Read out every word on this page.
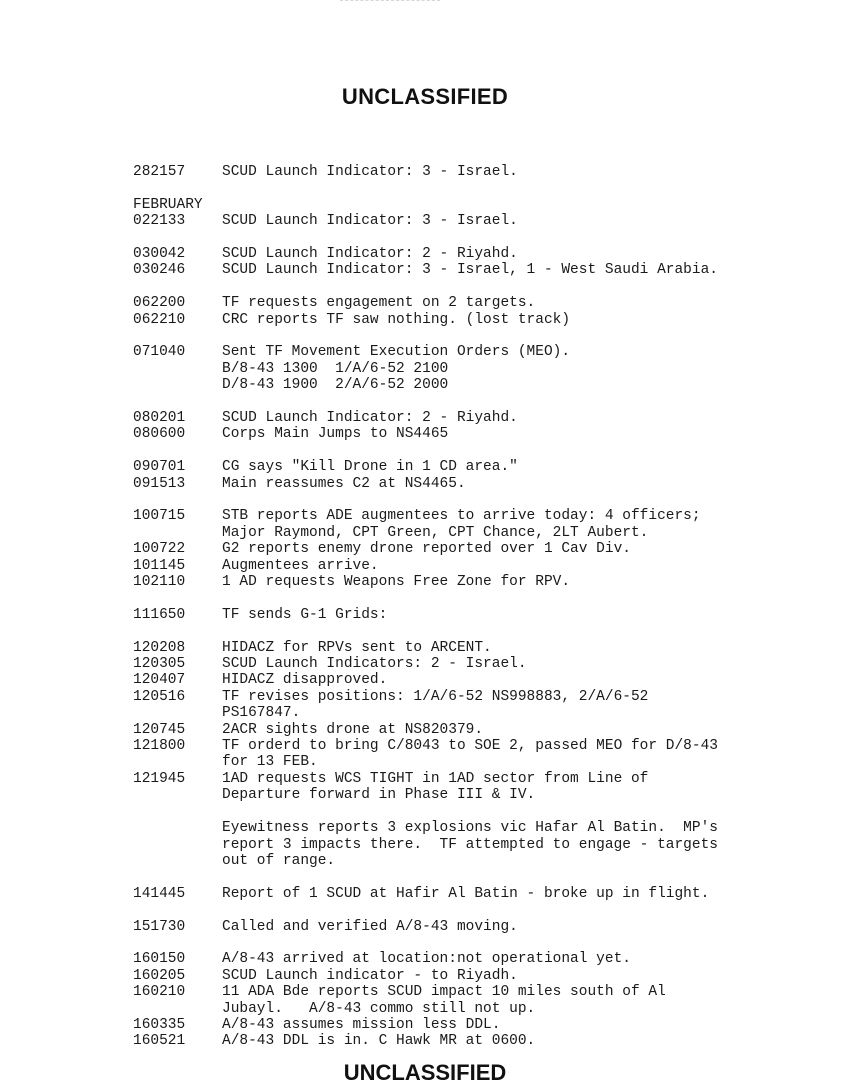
UNCLASSIFIED
282157	SCUD Launch Indicator: 3 - Israel.
FEBRUARY
022133	SCUD Launch Indicator: 3 - Israel.
030042	SCUD Launch Indicator: 2 - Riyahd.
030246	SCUD Launch Indicator: 3 - Israel, 1 - West Saudi Arabia.
062200	TF requests engagement on 2 targets.
062210	CRC reports TF saw nothing. (lost track)
071040	Sent TF Movement Execution Orders (MEO).
B/8-43 1300  1/A/6-52 2100
D/8-43 1900  2/A/6-52 2000
080201	SCUD Launch Indicator: 2 - Riyahd.
080600	Corps Main Jumps to NS4465
090701	CG says "Kill Drone in 1 CD area."
091513	Main reassumes C2 at NS4465.
100715	STB reports ADE augmentees to arrive today: 4 officers;
Major Raymond, CPT Green, CPT Chance, 2LT Aubert.
100722	G2 reports enemy drone reported over 1 Cav Div.
101145	Augmentees arrive.
102110	1 AD requests Weapons Free Zone for RPV.
111650	TF sends G-1 Grids:
120208	HIDACZ for RPVs sent to ARCENT.
120305	SCUD Launch Indicators: 2 - Israel.
120407	HIDACZ disapproved.
120516	TF revises positions: 1/A/6-52 NS998883, 2/A/6-52
PS167847.
120745	2ACR sights drone at NS820379.
121800	TF orderd to bring C/8043 to SOE 2, passed MEO for D/8-43
for 13 FEB.
121945	1AD requests WCS TIGHT in 1AD sector from Line of
Departure forward in Phase III & IV.
Eyewitness reports 3 explosions vic Hafar Al Batin.  MP's
report 3 impacts there.  TF attempted to engage - targets
out of range.
141445	Report of 1 SCUD at Hafir Al Batin - broke up in flight.
151730	Called and verified A/8-43 moving.
160150	A/8-43 arrived at location:not operational yet.
160205	SCUD Launch indicator - to Riyadh.
160210	11 ADA Bde reports SCUD impact 10 miles south of Al
Jubayl.   A/8-43 commo still not up.
160335	A/8-43 assumes mission less DDL.
160521	A/8-43 DDL is in. C Hawk MR at 0600.
UNCLASSIFIED
